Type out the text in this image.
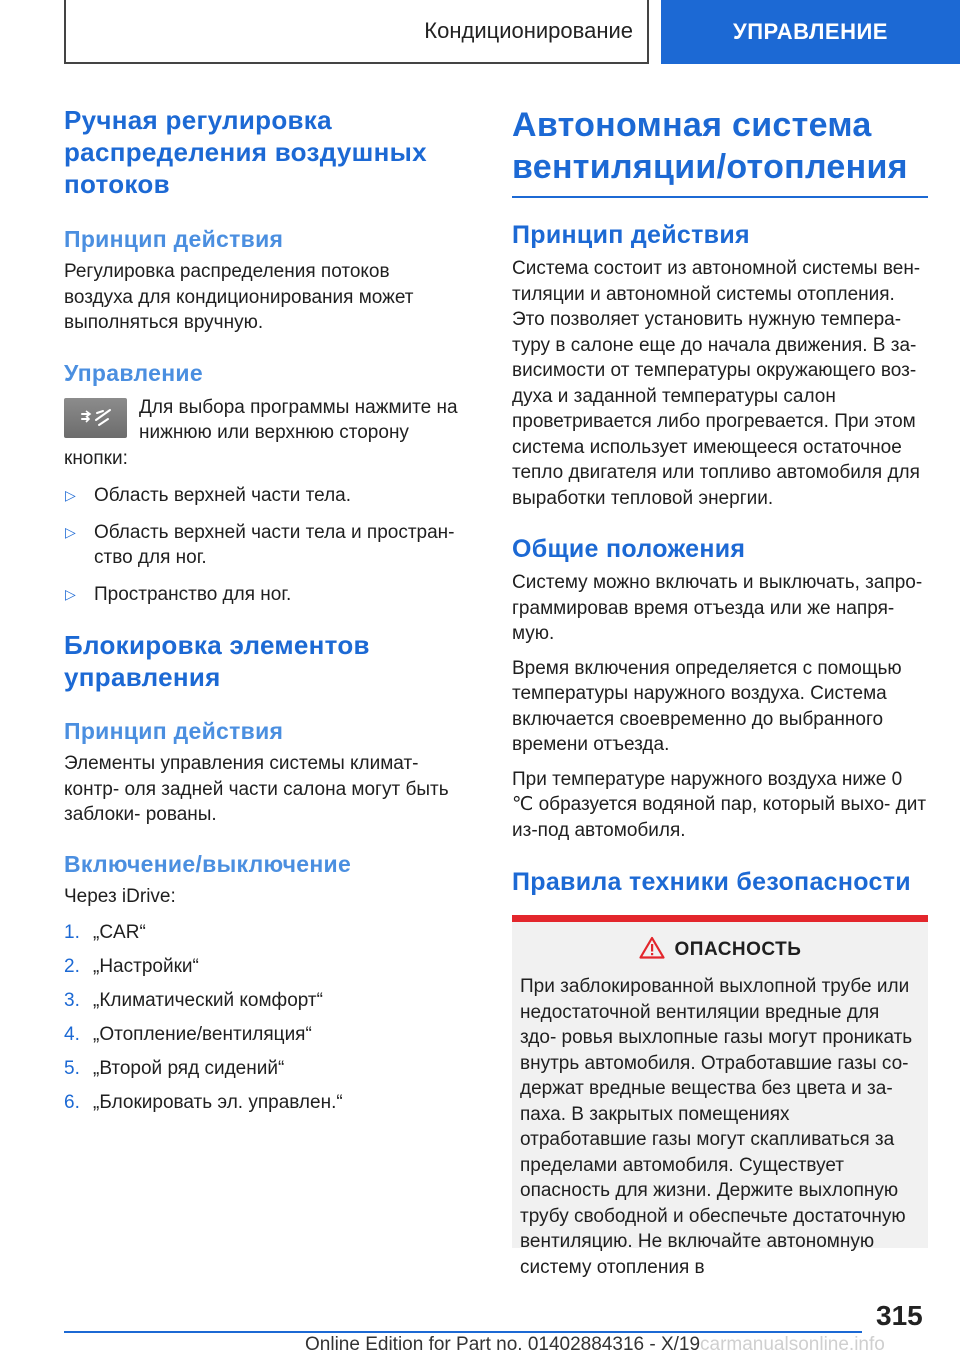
Кондиционирование	УПРАВЛЕНИЕ
Ручная регулировка распределения воздушных потоков
Принцип действия

Регулировка распределения потоков воздуха для кондиционирования может выполняться вручную.

Управление

Для выбора программы нажмите на нижнюю или верхнюю сторону

кнопки:

▷ Область верхней части тела.
▷ Область верхней части тела и простран- ство для ног.
▷ Пространство для ног.
Блокировка элементов управления
Принцип действия

Элементы управления системы климат-контр- оля задней части салона могут быть заблоки- рованы.

Включение/выключение

Через iDrive:

1. „CAR“
2. „Настройки“
3. „Климатический комфорт“
4. „Отопление/вентиляция“
5. „Второй ряд сидений“
6. „Блокировать эл. управлен.“
Автономная система вентиляции/отопления
Принцип действия

Система состоит из автономной системы вен- тиляции и автономной системы отопления. Это позволяет установить нужную темпера- туру в салоне еще до начала движения. В за- висимости от температуры окружающего воз- духа и заданной температуры салон проветривается либо прогревается. При этом система использует имеющееся остаточное тепло двигателя или топливо автомобиля для выработки тепловой энергии.

Общие положения

Систему можно включать и выключать, запро- граммировав время отъезда или же напря- мую.

Время включения определяется с помощью температуры наружного воздуха. Система включается своевременно до выбранного времени отъезда.

При температуре наружного воздуха ниже 0 ℃ образуется водяной пар, который выхо- дит из-под автомобиля.

Правила техники безопасности
ОПАСНОСТЬ

При заблокированной выхлопной трубе или недостаточной вентиляции вредные для здо- ровья выхлопные газы могут проникать внутрь автомобиля. Отработавшие газы со- держат вредные вещества без цвета и за- паха. В закрытых помещениях отработавшие газы могут скапливаться за пределами автомобиля. Существует опасность для жизни. Держите выхлопную трубу свободной и обеспечьте достаточную вентиляцию. Не включайте автономную систему отопления в

315
Online Edition for Part no. 01402884316 - X/19 carmanualsonline.info
